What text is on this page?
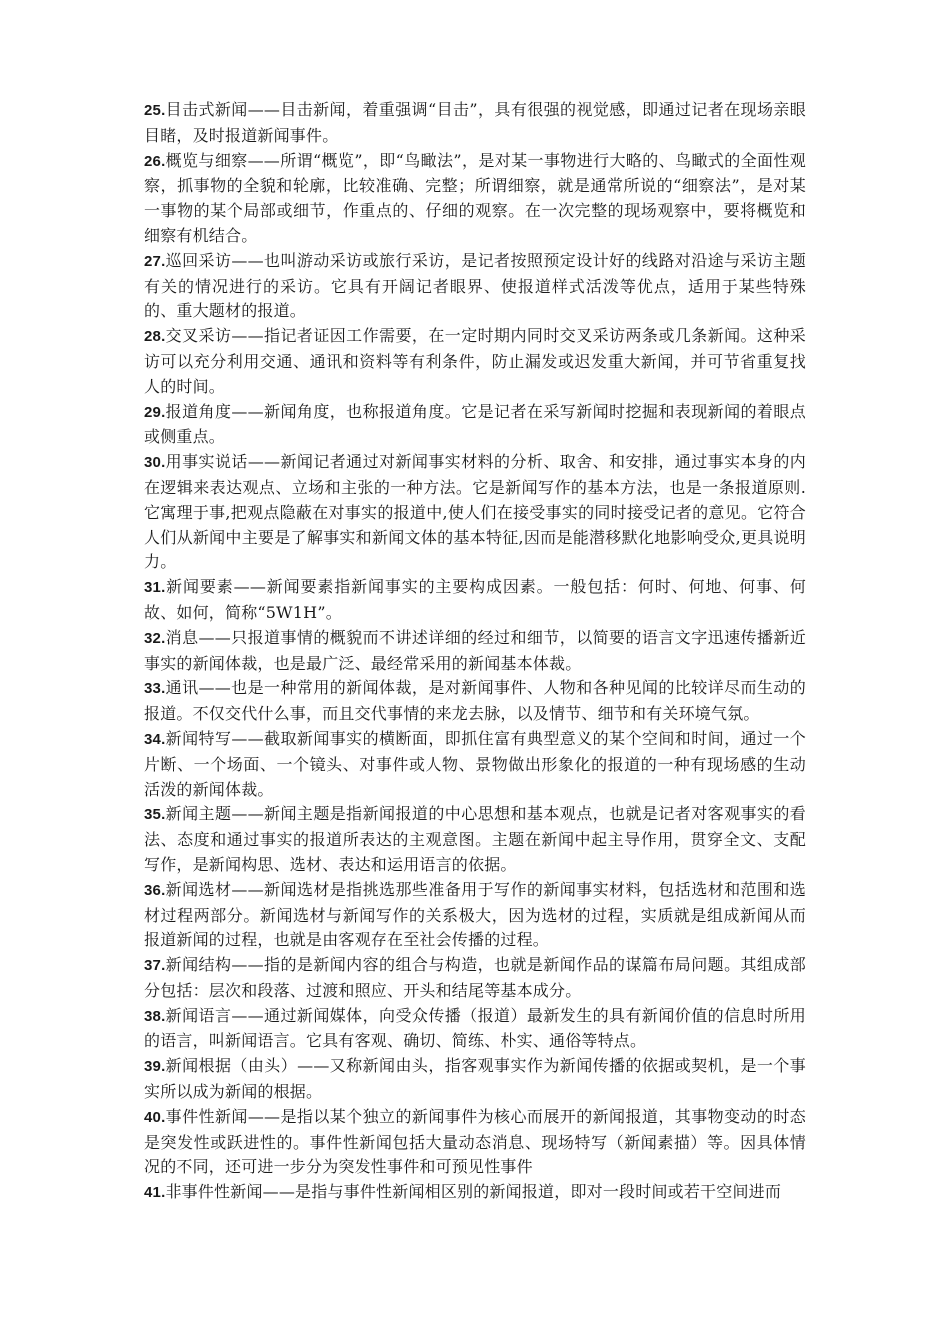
25.目击式新闻——目击新闻，着重强调“目击”，具有很强的视觉感，即通过记者在现场亲眼目睹，及时报道新闻事件。

26.概览与细察——所谓“概览”，即“鸟瞰法”，是对某一事物进行大略的、鸟瞰式的全面性观察，抓事物的全貌和轮廓，比较准确、完整；所谓细察，就是通常所说的“细察法”，是对某一事物的某个局部或细节，作重点的、仔细的观察。在一次完整的现场观察中，要将概览和细察有机结合。

27.巡回采访——也叫游动采访或旅行采访，是记者按照预定设计好的线路对沿途与采访主题有关的情况进行的采访。它具有开阔记者眼界、使报道样式活泼等优点，适用于某些特殊的、重大题材的报道。

28.交叉采访——指记者证因工作需要，在一定时期内同时交叉采访两条或几条新闻。这种采访可以充分利用交通、通讯和资料等有利条件，防止漏发或迟发重大新闻，并可节省重复找人的时间。

29.报道角度——新闻角度，也称报道角度。它是记者在采写新闻时挖掘和表现新闻的着眼点或侧重点。

30.用事实说话——新闻记者通过对新闻事实材料的分析、取舍、和安排，通过事实本身的内在逻辑来表达观点、立场和主张的一种方法。它是新闻写作的基本方法，也是一条报道原则.它寓理于事,把观点隐蔽在对事实的报道中,使人们在接受事实的同时接受记者的意见。它符合人们从新闻中主要是了解事实和新闻文体的基本特征,因而是能潜移默化地影响受众,更具说明力。

31.新闻要素——新闻要素指新闻事实的主要构成因素。一般包括：何时、何地、何事、何故、如何，简称“5W1H”。

32.消息——只报道事情的概貌而不讲述详细的经过和细节，以简要的语言文字迅速传播新近事实的新闻体裁，也是最广泛、最经常采用的新闻基本体裁。

33.通讯——也是一种常用的新闻体裁，是对新闻事件、人物和各种见闻的比较详尽而生动的报道。不仅交代什么事，而且交代事情的来龙去脉，以及情节、细节和有关环境气氛。

34.新闻特写——截取新闻事实的横断面，即抓住富有典型意义的某个空间和时间，通过一个片断、一个场面、一个镜头、对事件或人物、景物做出形象化的报道的一种有现场感的生动活泼的新闻体裁。

35.新闻主题——新闻主题是指新闻报道的中心思想和基本观点，也就是记者对客观事实的看法、态度和通过事实的报道所表达的主观意图。主题在新闻中起主导作用，贯穿全文、支配写作，是新闻构思、选材、表达和运用语言的依据。

36.新闻选材——新闻选材是指挑选那些准备用于写作的新闻事实材料，包括选材和范围和选材过程两部分。新闻选材与新闻写作的关系极大，因为选材的过程，实质就是组成新闻从而报道新闻的过程，也就是由客观存在至社会传播的过程。

37.新闻结构——指的是新闻内容的组合与构造，也就是新闻作品的谋篇布局问题。其组成部分包括：层次和段落、过渡和照应、开头和结尾等基本成分。

38.新闻语言——通过新闻媒体，向受众传播（报道）最新发生的具有新闻价值的信息时所用的语言，叫新闻语言。它具有客观、确切、简练、朴实、通俗等特点。

39.新闻根据（由头）——又称新闻由头，指客观事实作为新闻传播的依据或契机，是一个事实所以成为新闻的根据。

40.事件性新闻——是指以某个独立的新闻事件为核心而展开的新闻报道，其事物变动的时态是突发性或跃进性的。事件性新闻包括大量动态消息、现场特写（新闻素描）等。因具体情况的不同，还可进一步分为突发性事件和可预见性事件

41.非事件性新闻——是指与事件性新闻相区别的新闻报道，即对一段时间或若干空间进而
